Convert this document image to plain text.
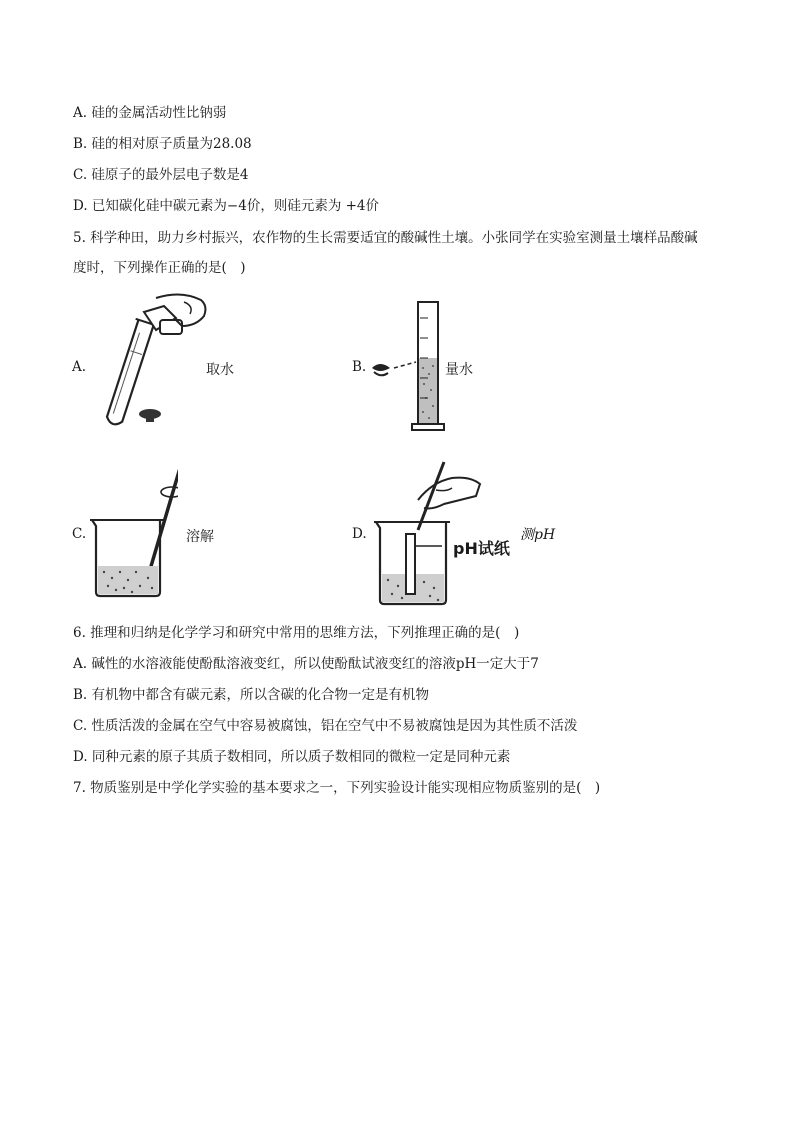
A. 硅的金属活动性比钠弱
B. 硅的相对原子质量为28.08
C. 硅原子的最外层电子数是4
D. 已知碳化硅中碳元素为−4价，则硅元素为 +4价
5. 科学种田，助力乡村振兴，农作物的生长需要适宜的酸碱性土壤。小张同学在实验室测量土壤样品酸碱
度时，下列操作正确的是(　)
A.	取水	B.	量水
C.	溶解	D.
pH试纸
测pH
6. 推理和归纳是化学学习和研究中常用的思维方法，下列推理正确的是(　)
A. 碱性的水溶液能使酚酞溶液变红，所以使酚酞试液变红的溶液pH一定大于7
B. 有机物中都含有碳元素，所以含碳的化合物一定是有机物
C. 性质活泼的金属在空气中容易被腐蚀，铝在空气中不易被腐蚀是因为其性质不活泼
D. 同种元素的原子其质子数相同，所以质子数相同的微粒一定是同种元素
7. 物质鉴别是中学化学实验的基本要求之一，下列实验设计能实现相应物质鉴别的是(　)
